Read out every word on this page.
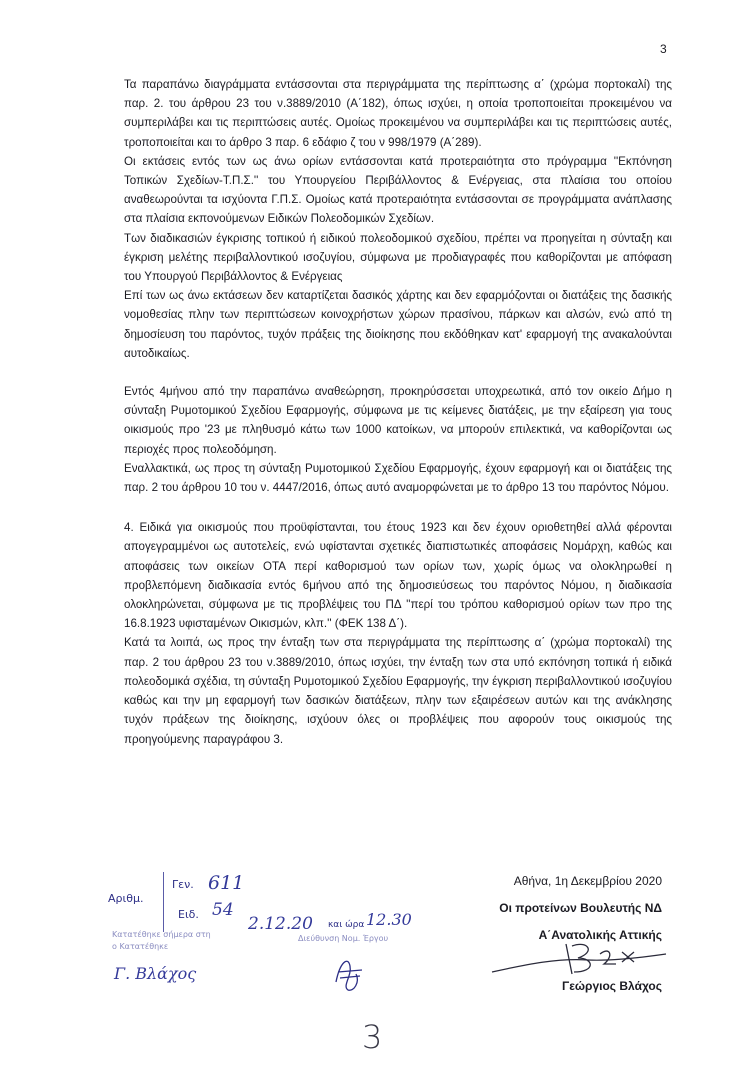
3

Τα παραπάνω διαγράμματα εντάσσονται στα περιγράμματα της περίπτωσης α΄ (χρώμα πορτοκαλί) της παρ. 2. του άρθρου 23 του ν.3889/2010 (Α΄182), όπως ισχύει, η οποία τροποποιείται προκειμένου να συμπεριλάβει και τις περιπτώσεις αυτές. Ομοίως προκειμένου να συμπεριλάβει και τις περιπτώσεις αυτές, τροποποιείται και το άρθρο 3 παρ. 6 εδάφιο ζ του ν 998/1979 (Α΄289).

Οι εκτάσεις εντός των ως άνω ορίων εντάσσονται κατά προτεραιότητα στο πρόγραμμα ''Εκπόνηση Τοπικών Σχεδίων-Τ.Π.Σ.'' του Υπουργείου Περιβάλλοντος & Ενέργειας, στα πλαίσια του οποίου αναθεωρούνται τα ισχύοντα Γ.Π.Σ. Ομοίως κατά προτεραιότητα εντάσσονται σε προγράμματα ανάπλασης στα πλαίσια εκπονούμενων Ειδικών Πολεοδομικών Σχεδίων.

Των διαδικασιών έγκρισης τοπικού ή ειδικού πολεοδομικού σχεδίου, πρέπει να προηγείται η σύνταξη και έγκριση μελέτης περιβαλλοντικού ισοζυγίου, σύμφωνα με προδιαγραφές που καθορίζονται με απόφαση του Υπουργού Περιβάλλοντος & Ενέργειας

Επί των ως άνω εκτάσεων δεν καταρτίζεται δασικός χάρτης και δεν εφαρμόζονται οι διατάξεις της δασικής νομοθεσίας πλην των περιπτώσεων κοινοχρήστων χώρων πρασίνου, πάρκων και αλσών, ενώ από τη δημοσίευση του παρόντος, τυχόν πράξεις της διοίκησης που εκδόθηκαν κατ' εφαρμογή της ανακαλούνται αυτοδικαίως.

Εντός 4μήνου από την παραπάνω αναθεώρηση, προκηρύσσεται υποχρεωτικά, από τον οικείο Δήμο η σύνταξη Ρυμοτομικού Σχεδίου Εφαρμογής, σύμφωνα με τις κείμενες διατάξεις, με την εξαίρεση για τους οικισμούς προ '23 με πληθυσμό κάτω των 1000 κατοίκων, να μπορούν επιλεκτικά, να καθορίζονται ως περιοχές προς πολεοδόμηση.

Εναλλακτικά, ως προς τη σύνταξη Ρυμοτομικού Σχεδίου Εφαρμογής, έχουν εφαρμογή και οι διατάξεις της παρ. 2 του άρθρου 10 του ν. 4447/2016, όπως αυτό αναμορφώνεται με το άρθρο 13 του παρόντος Νόμου.

4. Ειδικά για οικισμούς που προϋφίστανται, του έτους 1923 και δεν έχουν οριοθετηθεί αλλά φέρονται απογεγραμμένοι ως αυτοτελείς, ενώ υφίστανται σχετικές διαπιστωτικές αποφάσεις Νομάρχη, καθώς και αποφάσεις των οικείων ΟΤΑ περί καθορισμού των ορίων των, χωρίς όμως να ολοκληρωθεί η προβλεπόμενη διαδικασία εντός 6μήνου από της δημοσιεύσεως του παρόντος Νόμου, η διαδικασία ολοκληρώνεται, σύμφωνα με τις προβλέψεις του ΠΔ ''περί του τρόπου καθορισμού ορίων των προ της 16.8.1923 υφισταμένων Οικισμών, κλπ.'' (ΦΕΚ 138 Δ΄).

Κατά τα λοιπά, ως προς την ένταξη των στα περιγράμματα της περίπτωσης α΄ (χρώμα πορτοκαλί) της παρ. 2 του άρθρου 23 του ν.3889/2010, όπως ισχύει, την ένταξη των στα υπό εκπόνηση τοπικά ή ειδικά πολεοδομικά σχέδια, τη σύνταξη Ρυμοτομικού Σχεδίου Εφαρμογής, την έγκριση περιβαλλοντικού ισοζυγίου καθώς και την μη εφαρμογή των δασικών διατάξεων, πλην των εξαιρέσεων αυτών και της ανάκλησης τυχόν πράξεων της διοίκησης, ισχύουν όλες οι προβλέψεις που αφορούν τους οικισμούς της προηγούμενης παραγράφου 3.

Αθήνα, 1η Δεκεμβρίου 2020
Οι προτείνων Βουλευτής ΝΔ
Α΄Ανατολικής Αττικής
Γεώργιος Βλάχος
Αριθμ.
Γεν. 611
Ειδ. 54
2.12.20 και ώρα 12.30
Κατατέθηκε σήμερα στη
ο Κατατέθηκε
Διεύθυνση Νομ. Έργου
Γ. Βλάχος
3
